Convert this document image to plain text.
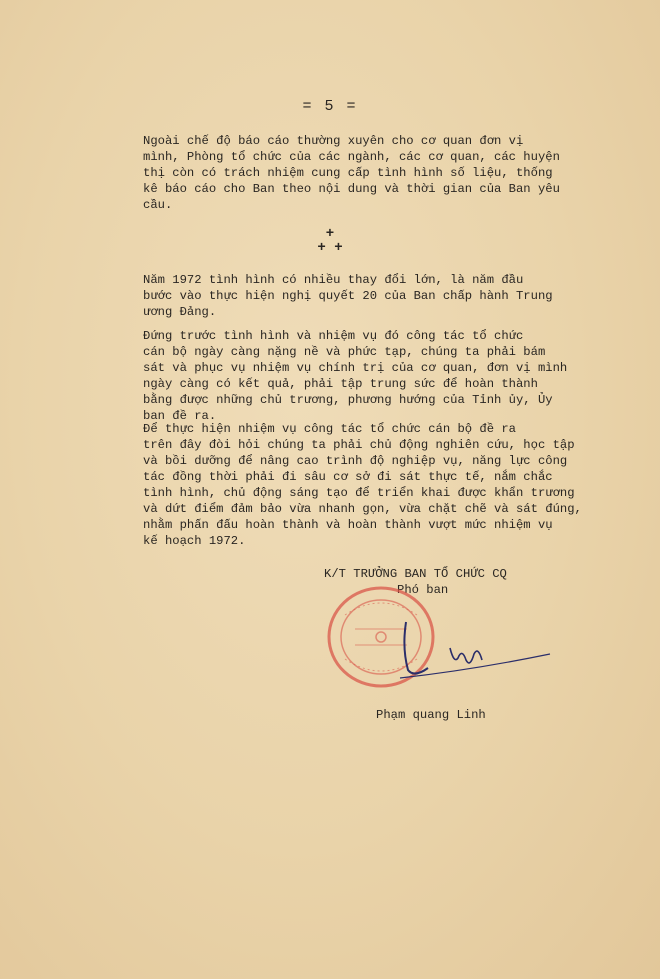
= 5 =

Ngoài chế độ báo cáo thường xuyên cho cơ quan đơn vị
mình, Phòng tổ chức của các ngành, các cơ quan, các huyện
thị còn có trách nhiệm cung cấp tình hình số liệu, thống
kê báo cáo cho Ban theo nội dung và thời gian của Ban yêu
cầu.

+
+ +

Năm 1972 tình hình có nhiều thay đổi lớn, là năm đầu
bước vào thực hiện nghị quyết 20 của Ban chấp hành Trung
ương Đảng.

Đứng trước tình hình và nhiệm vụ đó công tác tổ chức
cán bộ ngày càng nặng nề và phức tạp, chúng ta phải bám
sát và phục vụ nhiệm vụ chính trị của cơ quan, đơn vị mình
ngày càng có kết quả, phải tập trung sức để hoàn thành
bằng được những chủ trương, phương hướng của Tỉnh ủy, Ủy
ban đề ra.

Để thực hiện nhiệm vụ công tác tổ chức cán bộ đề ra
trên đây đòi hỏi chúng ta phải chủ động nghiên cứu, học tập
và bồi dưỡng để nâng cao trình độ nghiệp vụ, năng lực công
tác đồng thời phải đi sâu cơ sở đi sát thực tế, nắm chắc
tình hình, chủ động sáng tạo để triển khai được khẩn trương
và dứt điểm đảm bảo vừa nhanh gọn, vừa chặt chẽ và sát đúng,
nhằm phấn đấu hoàn thành và hoàn thành vượt mức nhiệm vụ
kế hoạch 1972.

K/T TRƯỞNG BAN TỔ CHỨC CQ
Phó ban
Phạm quang Linh
